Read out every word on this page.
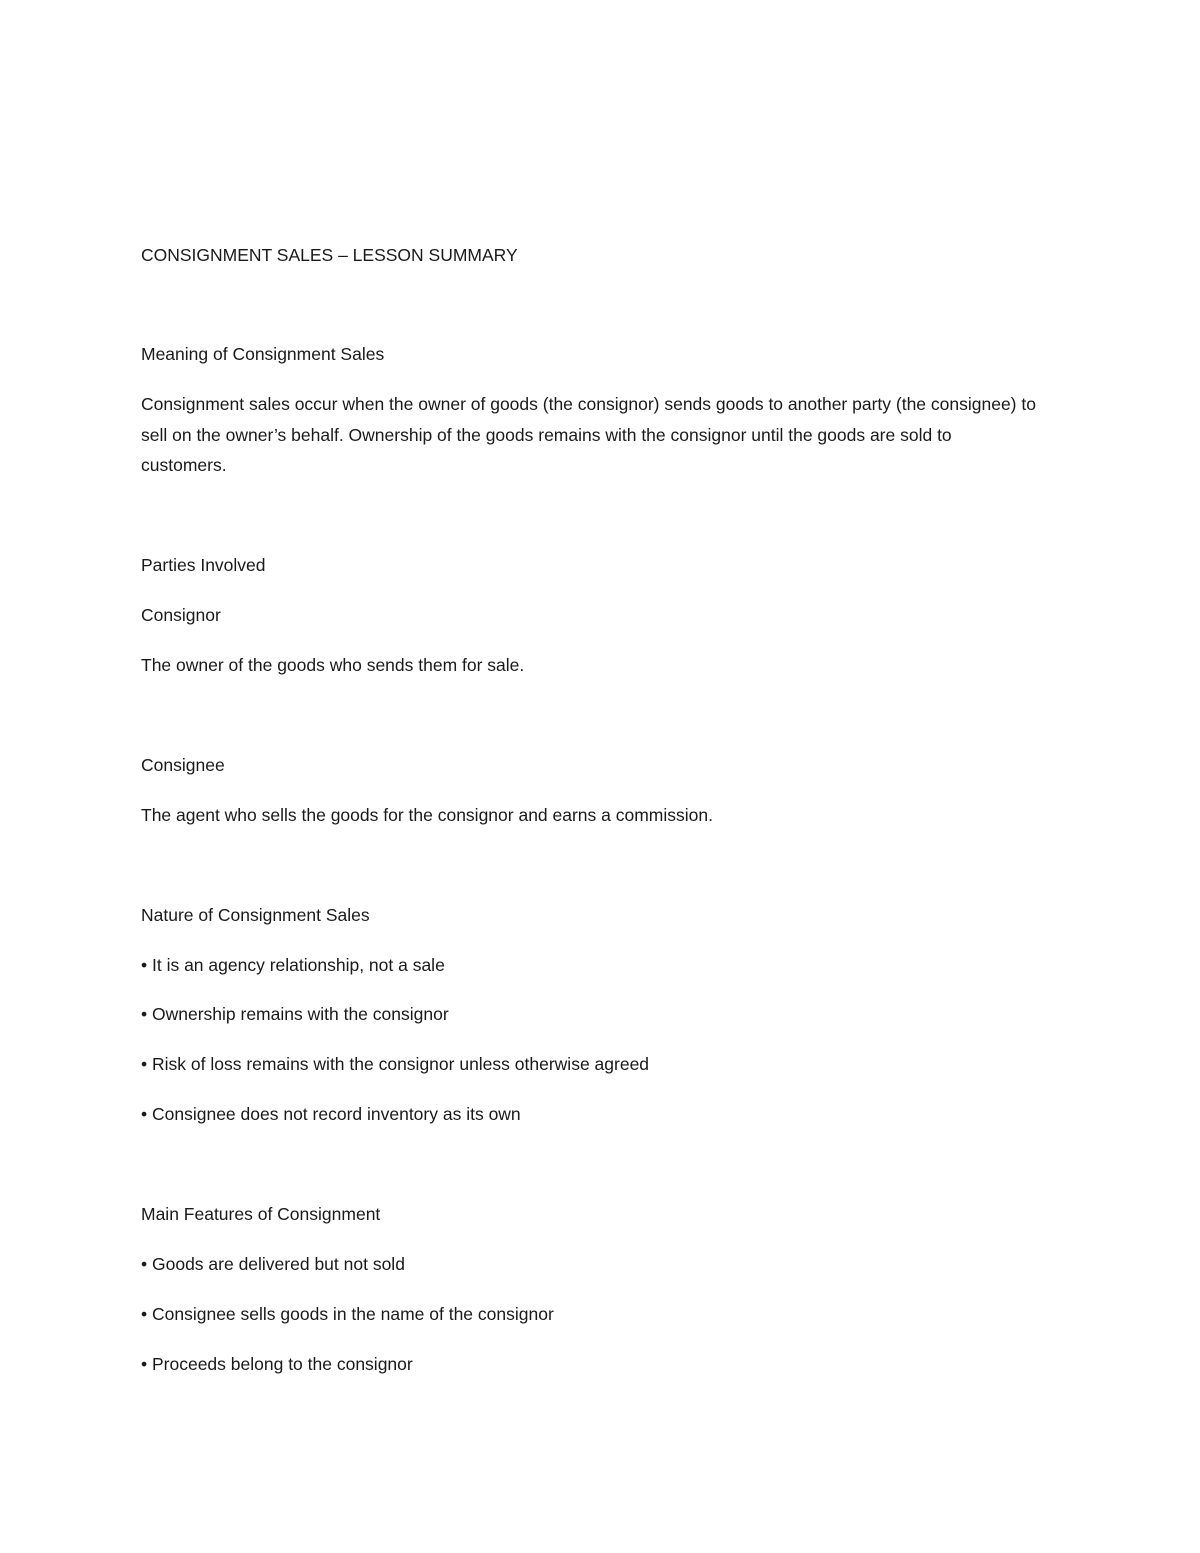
CONSIGNMENT SALES – LESSON SUMMARY
Meaning of Consignment Sales
Consignment sales occur when the owner of goods (the consignor) sends goods to another party (the consignee) to sell on the owner’s behalf. Ownership of the goods remains with the consignor until the goods are sold to customers.
Parties Involved
Consignor
The owner of the goods who sends them for sale.
Consignee
The agent who sells the goods for the consignor and earns a commission.
Nature of Consignment Sales
• It is an agency relationship, not a sale
• Ownership remains with the consignor
• Risk of loss remains with the consignor unless otherwise agreed
• Consignee does not record inventory as its own
Main Features of Consignment
• Goods are delivered but not sold
• Consignee sells goods in the name of the consignor
• Proceeds belong to the consignor
